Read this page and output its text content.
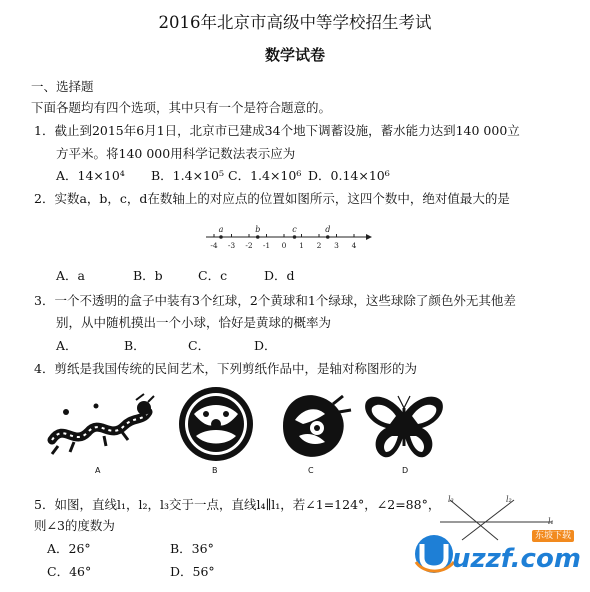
2016年北京市高级中等学校招生考试
数学试卷
一、选择题
下面各题均有四个选项，其中只有一个是符合题意的。
1．截止到2015年6月1日，北京市已建成34个地下调蓄设施，蓄水能力达到140 000立
方平米。将140 000用科学记数法表示应为
A．14×10⁴ B．1.4×10⁵ C．1.4×10⁶ D．0.14×10⁶
2．实数a，b，c，d在数轴上的对应点的位置如图所示，这四个数中，绝对值最大的是
-4 -3 -2 -1 0 1 2 3 4
a	b	c	d
A．a	B．b	C．c	D．d
3．一个不透明的盒子中装有3个红球，2个黄球和1个绿球，这些球除了颜色外无其他差
别，从中随机摸出一个小球，恰好是黄球的概率为
A．	B．	C．	D．
4．剪纸是我国传统的民间艺术，下列剪纸作品中，是轴对称图形的为
A	B	C	D
5．如图，直线l₁，l₂，l₃交于一点，直线l₄∥l₁，若∠1=124°，∠2=88°，
则∠3的度数为
A．26°	B．36°
C．46°	D．56°
l₃	l₂
l₁
uzzf.com
东坡下载
